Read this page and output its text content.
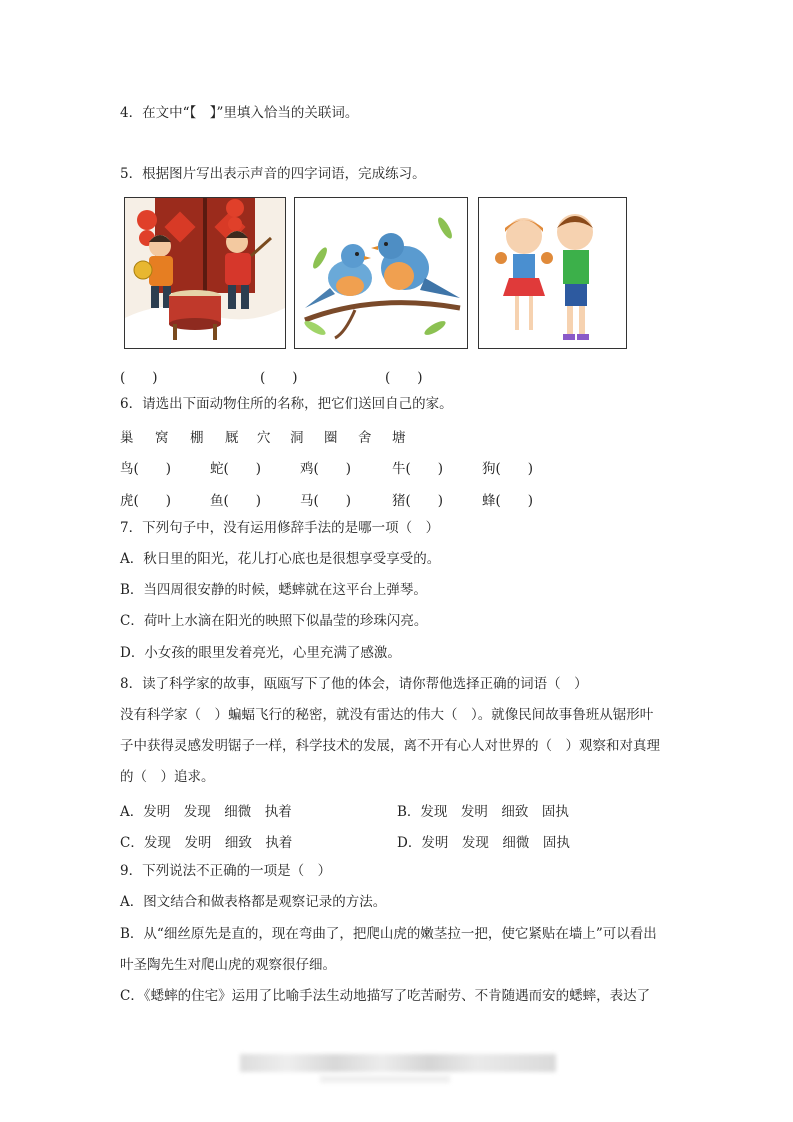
4．在文中“【　】”里填入恰当的关联词。
5．根据图片写出表示声音的四字词语，完成练习。
(　　)	(　　)	(　　)
6．请选出下面动物住所的名称，把它们送回自己的家。
巢 窝 棚 厩 穴 洞 圈 舍 塘
鸟(　　)	蛇(　　)	鸡(　　)	牛(　　)	狗(　　)
虎(　　)	鱼(　　)	马(　　)	猪(　　)	蜂(　　)
7．下列句子中，没有运用修辞手法的是哪一项（　）
A．秋日里的阳光，花儿打心底也是很想享受享受的。
B．当四周很安静的时候，蟋蟀就在这平台上弹琴。
C．荷叶上水滴在阳光的映照下似晶莹的珍珠闪亮。
D．小女孩的眼里发着亮光，心里充满了感激。
8．读了科学家的故事，瓯瓯写下了他的体会，请你帮他选择正确的词语（　）
没有科学家（　）蝙蝠飞行的秘密，就没有雷达的伟大（　）。就像民间故事鲁班从锯形叶
子中获得灵感发明锯子一样，科学技术的发展，离不开有心人对世界的（　）观察和对真理
的（　）追求。
A．发明　发现　细微　执着	B．发现　发明　细致　固执
C．发现　发明　细致　执着	D．发明　发现　细微　固执
9．下列说法不正确的一项是（　）
A．图文结合和做表格都是观察记录的方法。
B．从“细丝原先是直的，现在弯曲了，把爬山虎的嫩茎拉一把，使它紧贴在墙上”可以看出
叶圣陶先生对爬山虎的观察很仔细。
C．《蟋蟀的住宅》运用了比喻手法生动地描写了吃苦耐劳、不肯随遇而安的蟋蟀，表达了
